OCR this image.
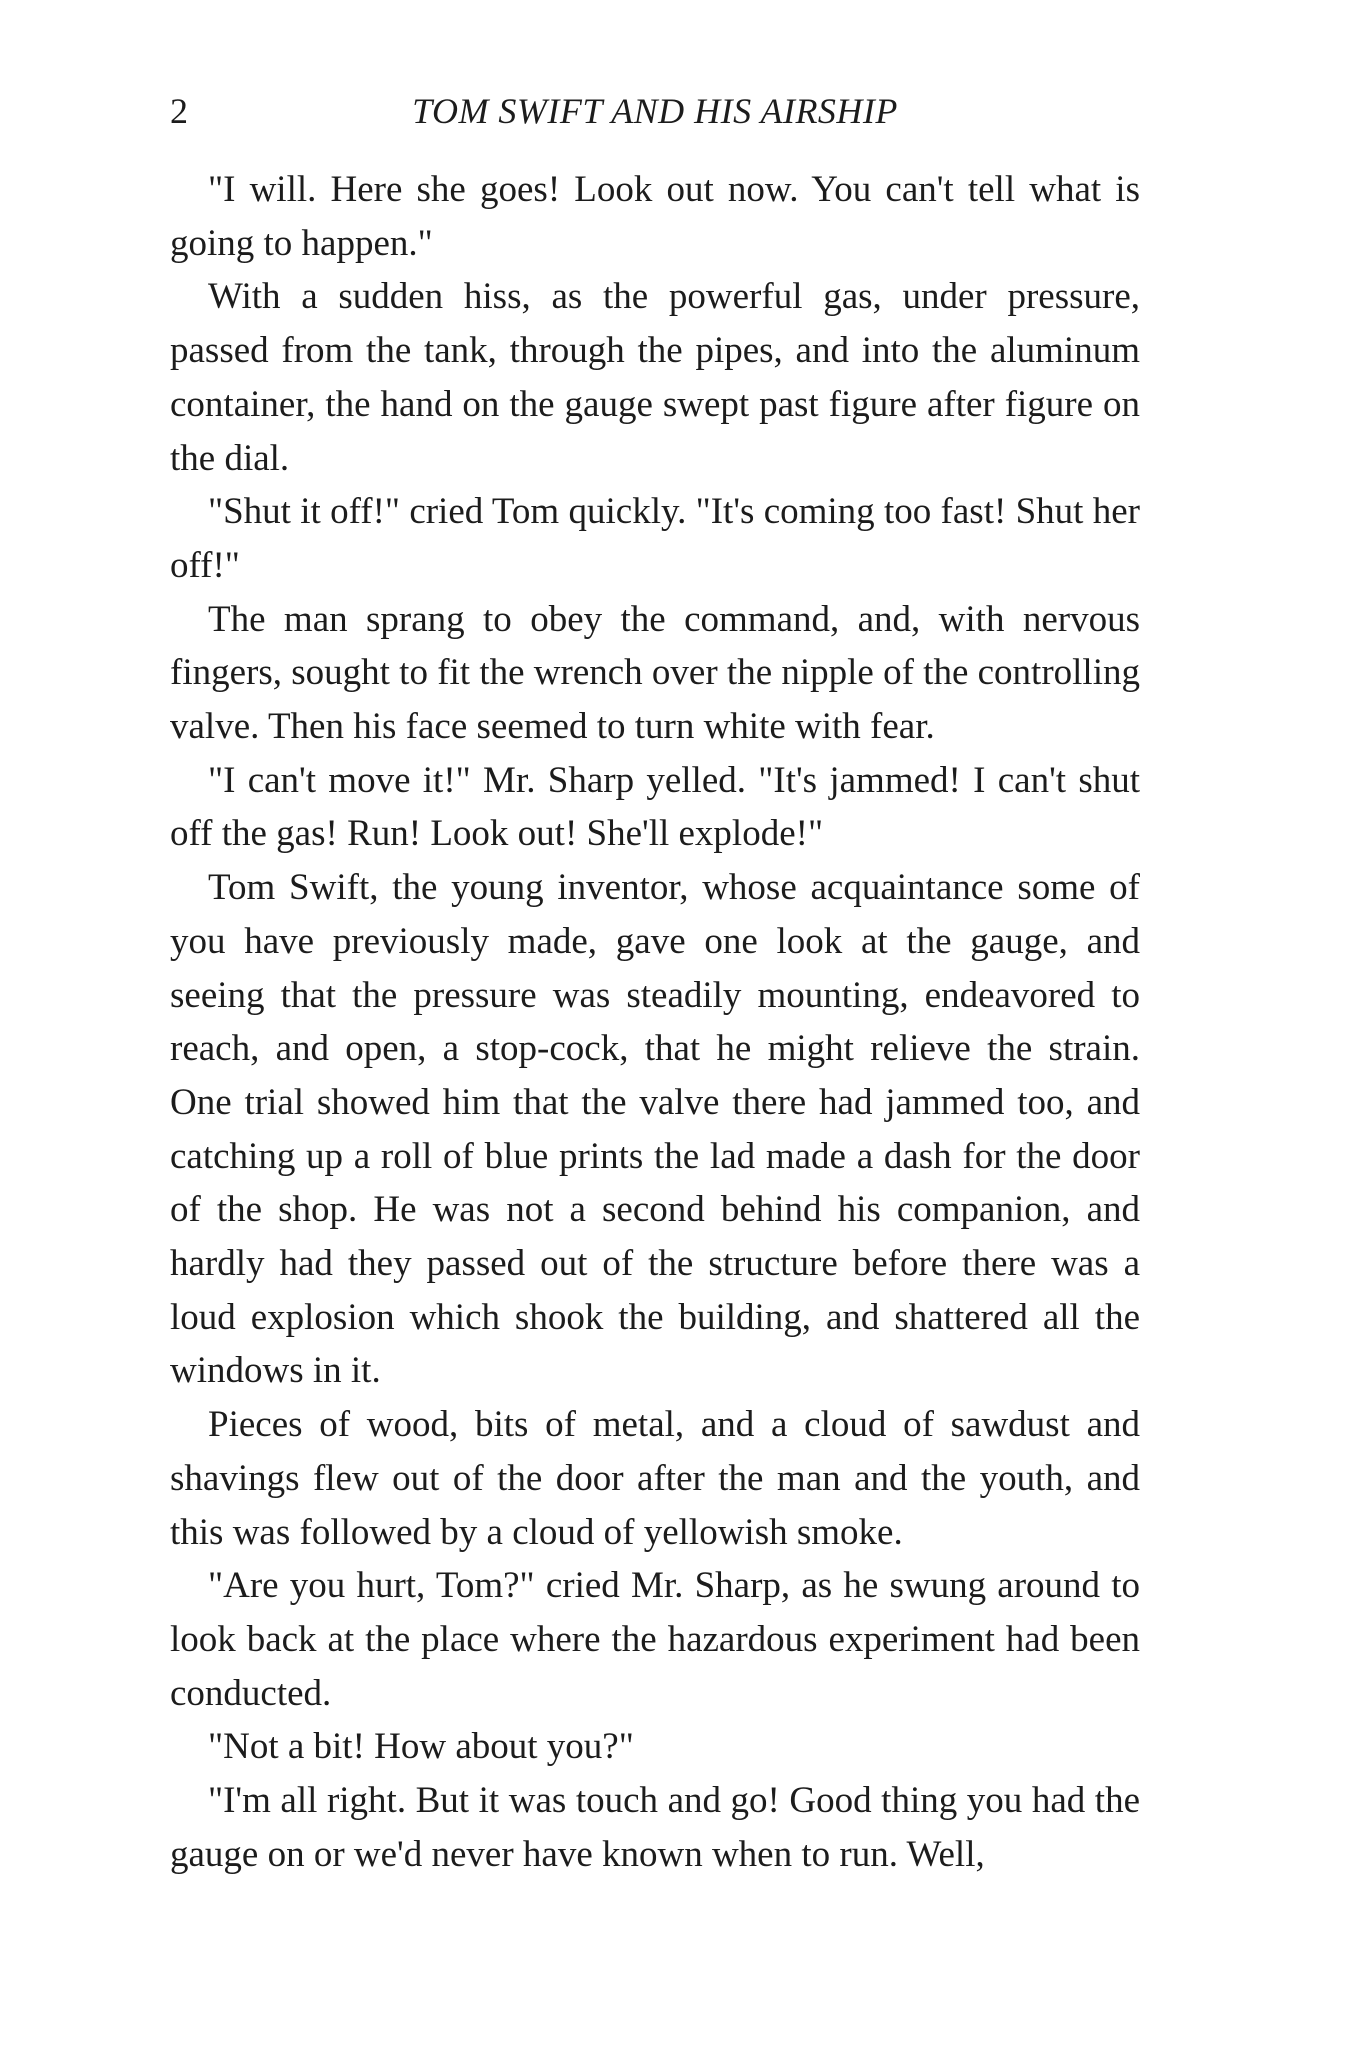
2	TOM SWIFT AND HIS AIRSHIP

"I will. Here she goes! Look out now. You can't tell what is going to happen."

With a sudden hiss, as the powerful gas, under pressure, passed from the tank, through the pipes, and into the aluminum container, the hand on the gauge swept past figure after figure on the dial.

"Shut it off!" cried Tom quickly. "It's coming too fast! Shut her off!"

The man sprang to obey the command, and, with nervous fingers, sought to fit the wrench over the nipple of the controlling valve. Then his face seemed to turn white with fear.

"I can't move it!" Mr. Sharp yelled. "It's jammed! I can't shut off the gas! Run! Look out! She'll explode!"

Tom Swift, the young inventor, whose acquaintance some of you have previously made, gave one look at the gauge, and seeing that the pressure was steadily mounting, endeavored to reach, and open, a stop-cock, that he might relieve the strain. One trial showed him that the valve there had jammed too, and catching up a roll of blue prints the lad made a dash for the door of the shop. He was not a second behind his companion, and hardly had they passed out of the structure before there was a loud explosion which shook the building, and shattered all the windows in it.

Pieces of wood, bits of metal, and a cloud of sawdust and shavings flew out of the door after the man and the youth, and this was followed by a cloud of yellowish smoke.

"Are you hurt, Tom?" cried Mr. Sharp, as he swung around to look back at the place where the hazardous experiment had been conducted.

"Not a bit! How about you?"

"I'm all right. But it was touch and go! Good thing you had the gauge on or we'd never have known when to run. Well,
